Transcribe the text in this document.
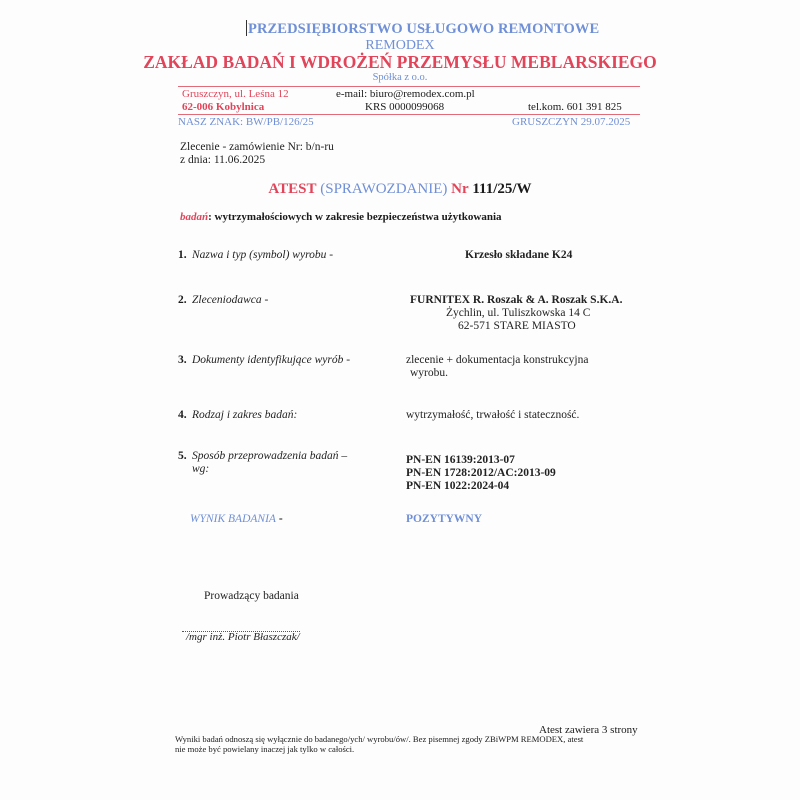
PRZEDSIĘBIORSTWO USŁUGOWO REMONTOWE
REMODEX
ZAKŁAD BADAŃ I WDROŻEŃ PRZEMYSŁU MEBLARSKIEGO
Spółka z o.o.
Gruszczyn, ul. Leśna 12
62-006 Kobylnica
e-mail: biuro@remodex.com.pl
KRS 0000099068	tel.kom. 601 391 825
NASZ ZNAK: BW/PB/126/25	GRUSZCZYN 29.07.2025
Zlecenie - zamówienie Nr: b/n-ru
z dnia: 11.06.2025
ATEST (SPRAWOZDANIE) Nr 111/25/W
badań: wytrzymałościowych w zakresie bezpieczeństwa użytkowania
1. Nazwa i typ (symbol) wyrobu -	Krzesło składane K24
2. Zleceniodawca -	FURNITEX R. Roszak & A. Roszak S.K.A.
Żychlin, ul. Tuliszkowska 14 C
62-571 STARE MIASTO
3. Dokumenty identyfikujące wyrób -	zlecenie + dokumentacja konstrukcyjna
wyrobu.
4. Rodzaj i zakres badań:	wytrzymałość, trwałość i stateczność.
5. Sposób przeprowadzenia badań –
wg:
PN-EN 16139:2013-07
PN-EN 1728:2012/AC:2013-09
PN-EN 1022:2024-04
WYNIK BADANIA -	POZYTYWNY
Prowadzący badania
/mgr inż. Piotr Błaszczak/
Atest zawiera 3 strony
Wyniki badań odnoszą się wyłącznie do badanego/ych/ wyrobu/ów/. Bez pisemnej zgody ZBiWPM REMODEX, atest
nie może być powielany inaczej jak tylko w całości.
